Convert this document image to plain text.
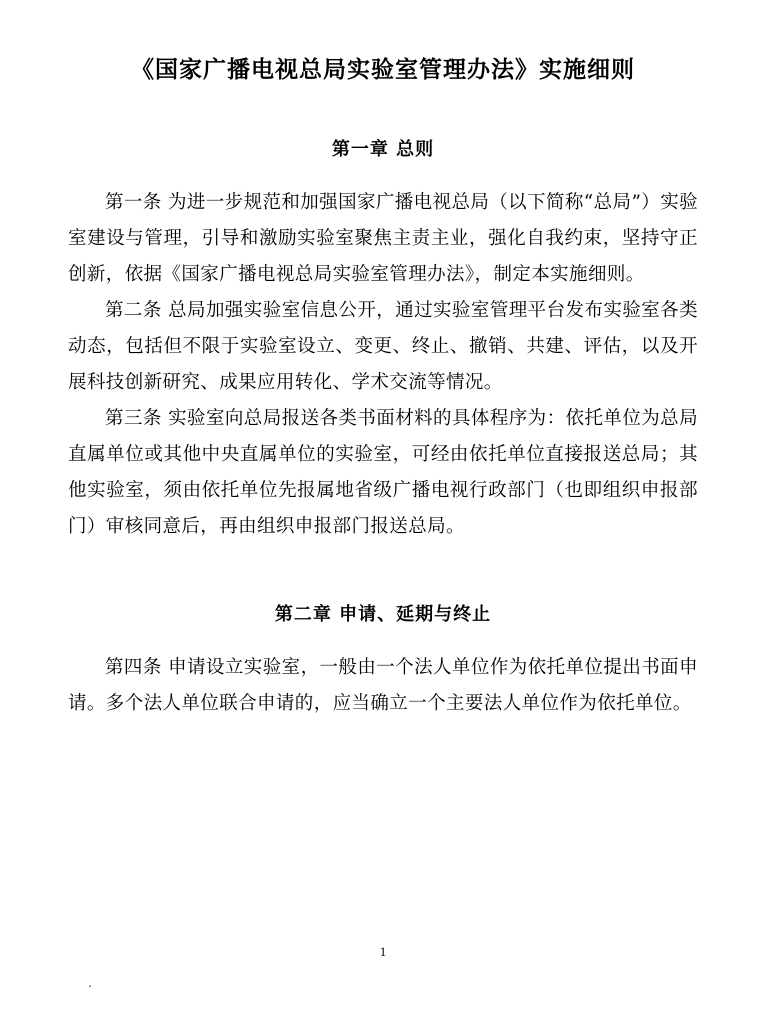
《国家广播电视总局实验室管理办法》实施细则
第一章 总则

第一条 为进一步规范和加强国家广播电视总局（以下简称“总局”）实验室建设与管理，引导和激励实验室聚焦主责主业，强化自我约束，坚持守正创新，依据《国家广播电视总局实验室管理办法》，制定本实施细则。

第二条 总局加强实验室信息公开，通过实验室管理平台发布实验室各类动态，包括但不限于实验室设立、变更、终止、撤销、共建、评估，以及开展科技创新研究、成果应用转化、学术交流等情况。

第三条 实验室向总局报送各类书面材料的具体程序为：依托单位为总局直属单位或其他中央直属单位的实验室，可经由依托单位直接报送总局；其他实验室，须由依托单位先报属地省级广播电视行政部门（也即组织申报部门）审核同意后，再由组织申报部门报送总局。

第二章 申请、延期与终止

第四条 申请设立实验室，一般由一个法人单位作为依托单位提出书面申请。多个法人单位联合申请的，应当确立一个主要法人单位作为依托单位。

1
.
